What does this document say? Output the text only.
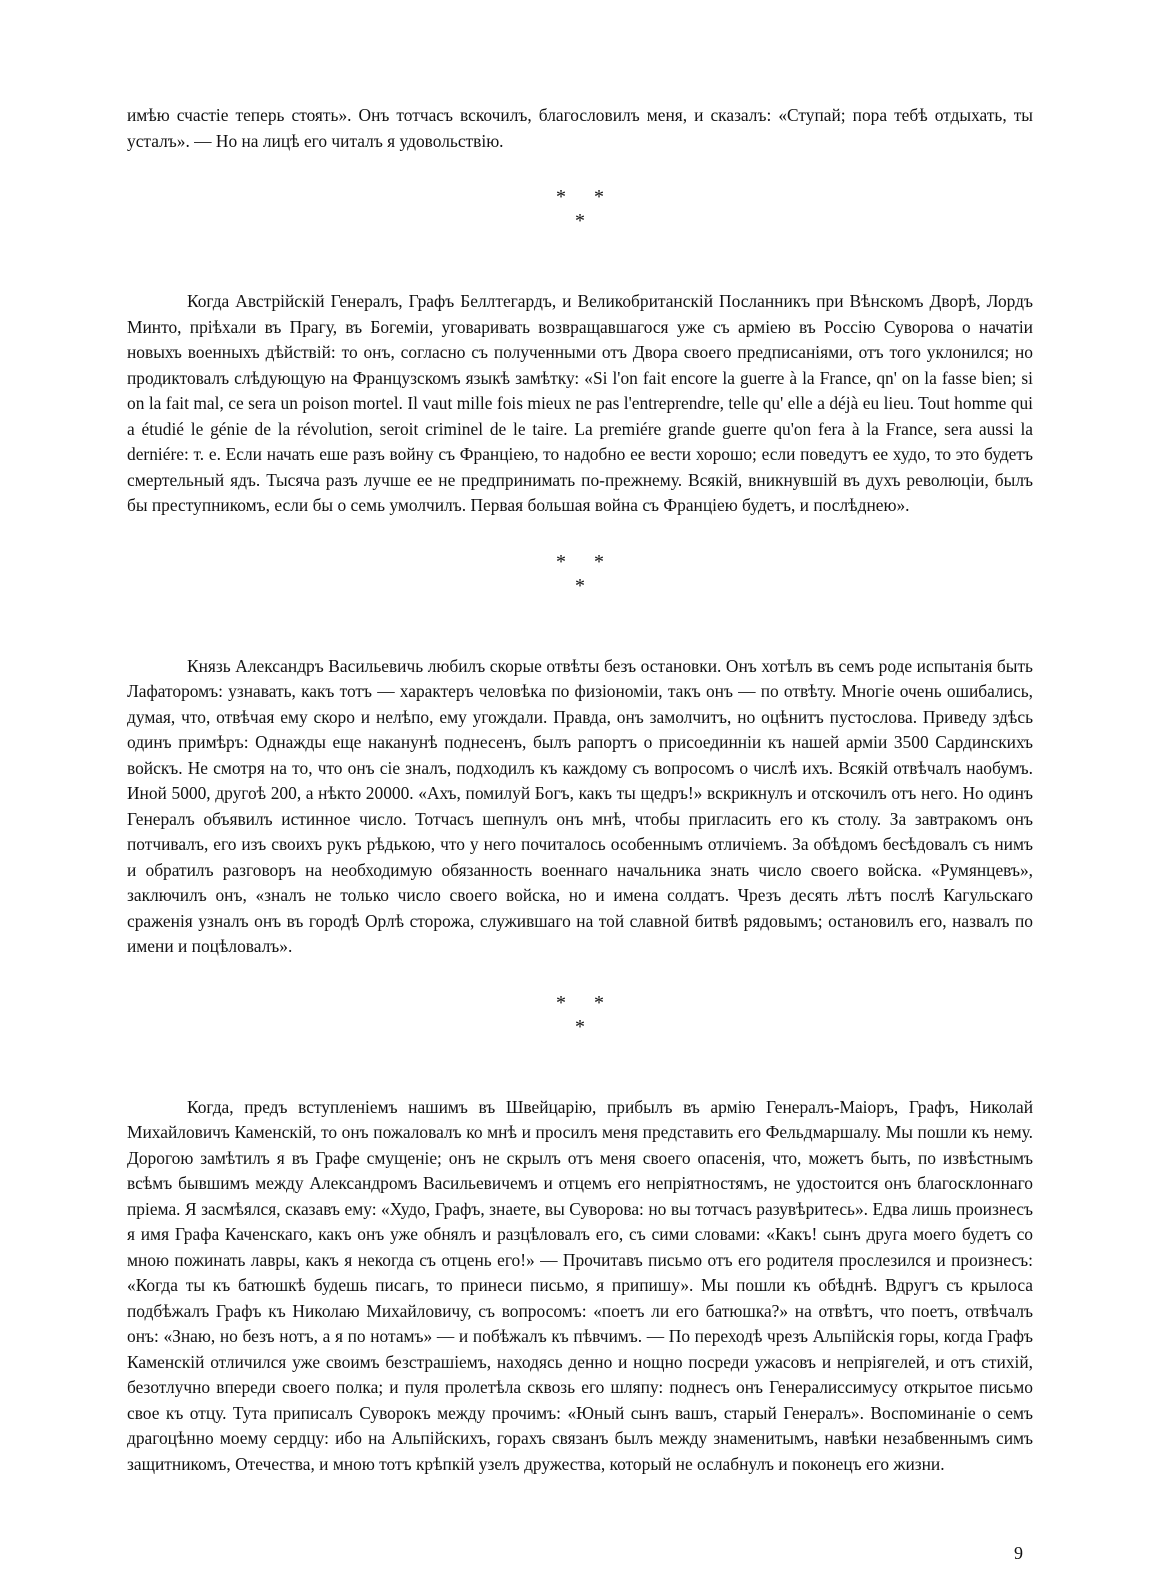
имѣю счастіе теперь стоять». Онъ тотчасъ вскочилъ, благословилъ меня, и сказалъ: «Ступай; пора тебѣ отдыхать, ты усталъ». — Но на лицѣ его читалъ я удовольствію.

* *
*

Когда Австрійскій Генералъ, Графъ Беллтегардъ, и Великобританскій Посланникъ при Вѣнскомъ Дворѣ, Лордъ Минто, пріѣхали въ Прагу, въ Богеміи, уговаривать возвращавшагося уже съ арміею въ Россію Суворова о начатіи новыхъ военныхъ дѣйствій: то онъ, согласно съ полученными отъ Двора своего предписаніями, отъ того уклонился; но продиктовалъ слѣдующую на Французскомъ языкѣ замѣтку: «Si l'on fait encore la guerre à la France, qn' on la fasse bien; si on la fait mal, ce sera un poison mortel. Il vaut mille fois mieux ne pas l'entreprendre, telle qu' elle a déjà eu lieu. Tout homme qui a étudié le génie de la révolution, seroit criminel de le taire. La premiére grande guerre qu'on fera à la France, sera aussi la derniére: т. е. Если начать еше разъ войну съ Франціею, то надобно ее вести хорошо; если поведутъ ее худо, то это будетъ смертельный ядъ. Тысяча разъ лучше ее не предпринимать по-прежнему. Всякій, вникнувшій въ духъ революціи, былъ бы преступникомъ, если бы о семь умолчилъ. Первая большая война съ Франціею будетъ, и послѣднею».

* *
*

Князь Александръ Васильевичь любилъ скорые отвѣты безъ остановки. Онъ хотѣлъ въ семъ роде испытанія быть Лафаторомъ: узнавать, какъ тотъ — характеръ человѣка по физіономіи, такъ онъ — по отвѣту. Многіе очень ошибались, думая, что, отвѣчая ему скоро и нелѣпо, ему угождали. Правда, онъ замолчитъ, но оцѣнитъ пустослова. Приведу здѣсь одинъ примѣръ: Однажды еще наканунѣ поднесенъ, былъ рапортъ о присоединніи къ нашей арміи 3500 Сардинскихъ войскъ. Не смотря на то, что онъ сіе зналъ, подходилъ къ каждому съ вопросомъ о числѣ ихъ. Всякій отвѣчалъ наобумъ. Иной 5000, другоѣ 200, а нѣкто 20000. «Ахъ, помилуй Богъ, какъ ты щедръ!» вскрикнулъ и отскочилъ отъ него. Но одинъ Генералъ объявилъ истинное число. Тотчасъ шепнулъ онъ мнѣ, чтобы пригласить его къ столу. За завтракомъ онъ потчивалъ, его изъ своихъ рукъ рѣдькою, что у него почиталось особеннымъ отличіемъ. За обѣдомъ бесѣдовалъ съ нимъ и обратилъ разговоръ на необходимую обязанность военнаго начальника знать число своего войска. «Румянцевъ», заключилъ онъ, «зналъ не только число своего войска, но и имена солдатъ. Чрезъ десять лѣтъ послѣ Кагульскаго сраженія узналъ онъ въ городѣ Орлѣ сторожа, служившаго на той славной битвѣ рядовымъ; остановилъ его, назвалъ по имени и поцѣловалъ».

* *
*

Когда, предъ вступленіемъ нашимъ въ Швейцарію, прибылъ въ армію Генералъ-Маіоръ, Графъ, Николай Михайловичъ Каменскій, то онъ пожаловалъ ко мнѣ и просилъ меня представить его Фельдмаршалу. Мы пошли къ нему. Дорогою замѣтилъ я въ Графе смущеніе; онъ не скрылъ отъ меня своего опасенія, что, можетъ быть, по извѣстнымъ всѣмъ бывшимъ между Александромъ Васильевичемъ и отцемъ его непріятностямъ, не удостоится онъ благосклоннаго пріема. Я засмѣялся, сказавъ ему: «Худо, Графъ, знаете, вы Суворова: но вы тотчасъ разувѣритесь». Едва лишь произнесъ я имя Графа Каченскаго, какъ онъ уже обнялъ и разцѣловалъ его, съ сими словами: «Какъ! сынъ друга моего будетъ со мною пожинать лавры, какъ я некогда съ отцень его!» — Прочитавъ письмо отъ его родителя прослезился и произнесъ: «Когда ты къ батюшкѣ будешь писагь, то принеси письмо, я припишу». Мы пошли къ обѣднѣ. Вдругъ съ крылоса подбѣжалъ Графъ къ Николаю Михайловичу, съ вопросомъ: «поетъ ли его батюшка?» на отвѣтъ, что поетъ, отвѣчалъ онъ: «Знаю, но безъ нотъ, а я по нотамъ» — и побѣжалъ къ пѣвчимъ. — По переходѣ чрезъ Альпійскія горы, когда Графъ Каменскій отличился уже своимъ безстрашіемъ, находясь денно и нощно посреди ужасовъ и непріягелей, и отъ стихій, безотлучно впереди своего полка; и пуля пролетѣла сквозь его шляпу: поднесъ онъ Генералиссимусу открытое письмо свое къ отцу. Тута приписалъ Суворокъ между прочимъ: «Юный сынъ вашъ, старый Генералъ». Воспоминаніе о семъ драгоцѣнно моему сердцу: ибо на Альпійскихъ, горахъ связанъ былъ между знаменитымъ, навѣки незабвеннымъ симъ защитникомъ, Отечества, и мною тотъ крѣпкій узелъ дружества, который не ослабнулъ и поконецъ его жизни.

9
